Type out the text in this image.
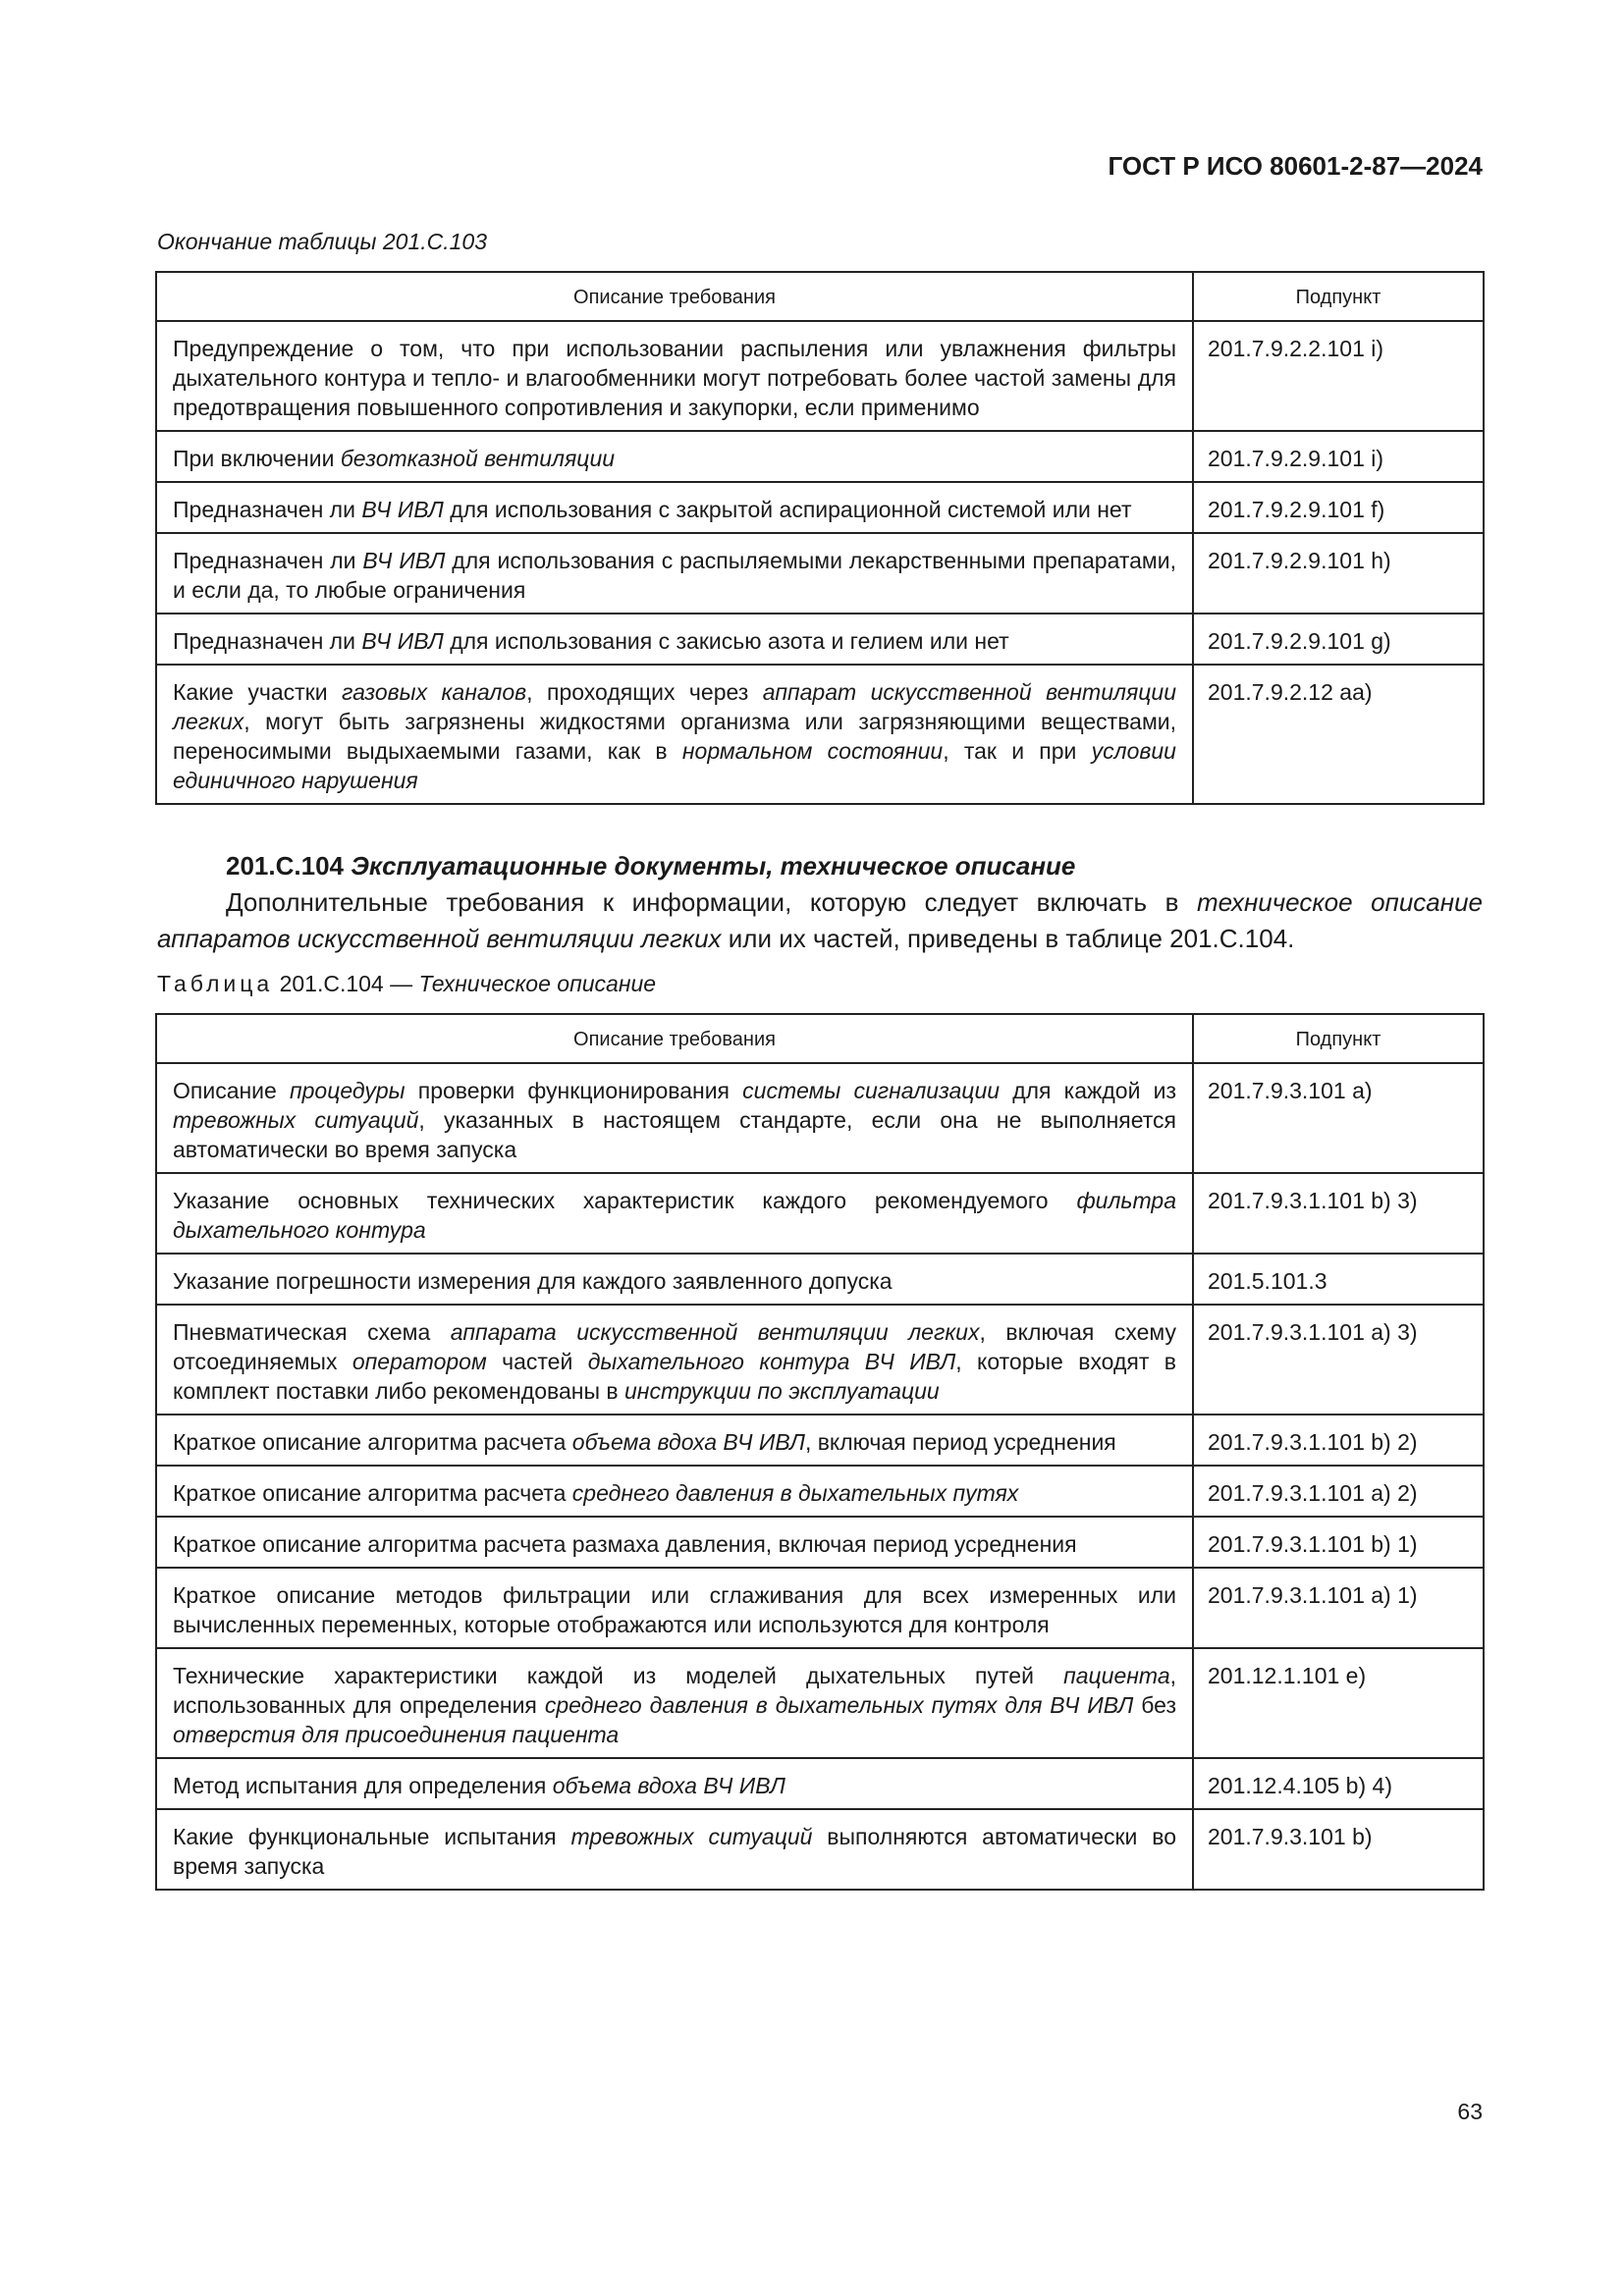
ГОСТ Р ИСО 80601-2-87—2024
Окончание таблицы 201.С.103
Описание требования	Подпункт
Предупреждение о том, что при использовании распыления или увлажнения фильтры дыхательного контура и тепло- и влагообменники могут потребовать более частой замены для предотвращения повышенного сопротивления и закупорки, если применимо	201.7.9.2.2.101 i)
При включении безотказной вентиляции	201.7.9.2.9.101 i)
Предназначен ли ВЧ ИВЛ для использования с закрытой аспирационной системой или нет	201.7.9.2.9.101 f)
Предназначен ли ВЧ ИВЛ для использования с распыляемыми лекарственными препаратами, и если да, то любые ограничения	201.7.9.2.9.101 h)
Предназначен ли ВЧ ИВЛ для использования с закисью азота и гелием или нет	201.7.9.2.9.101 g)
Какие участки газовых каналов, проходящих через аппарат искусственной вентиляции легких, могут быть загрязнены жидкостями организма или загрязняющими веществами, переносимыми выдыхаемыми газами, как в нормальном состоянии, так и при условии единичного нарушения	201.7.9.2.12 aa)
201.С.104 Эксплуатационные документы, техническое описание
Дополнительные требования к информации, которую следует включать в техническое описание аппаратов искусственной вентиляции легких или их частей, приведены в таблице 201.С.104.
Таблица 201.С.104 — Техническое описание
Описание требования	Подпункт
Описание процедуры проверки функционирования системы сигнализации для каждой из тревожных ситуаций, указанных в настоящем стандарте, если она не выполняется автоматически во время запуска	201.7.9.3.101 a)
Указание основных технических характеристик каждого рекомендуемого фильтра дыхательного контура	201.7.9.3.1.101 b) 3)
Указание погрешности измерения для каждого заявленного допуска	201.5.101.3
Пневматическая схема аппарата искусственной вентиляции легких, включая схему отсоединяемых оператором частей дыхательного контура ВЧ ИВЛ, которые входят в комплект поставки либо рекомендованы в инструкции по эксплуатации	201.7.9.3.1.101 a) 3)
Краткое описание алгоритма расчета объема вдоха ВЧ ИВЛ, включая период усреднения	201.7.9.3.1.101 b) 2)
Краткое описание алгоритма расчета среднего давления в дыхательных путях	201.7.9.3.1.101 a) 2)
Краткое описание алгоритма расчета размаха давления, включая период усреднения	201.7.9.3.1.101 b) 1)
Краткое описание методов фильтрации или сглаживания для всех измеренных или вычисленных переменных, которые отображаются или используются для контроля	201.7.9.3.1.101 a) 1)
Технические характеристики каждой из моделей дыхательных путей пациента, использованных для определения среднего давления в дыхательных путях для ВЧ ИВЛ без отверстия для присоединения пациента	201.12.1.101 e)
Метод испытания для определения объема вдоха ВЧ ИВЛ	201.12.4.105 b) 4)
Какие функциональные испытания тревожных ситуаций выполняются автоматически во время запуска	201.7.9.3.101 b)
63
